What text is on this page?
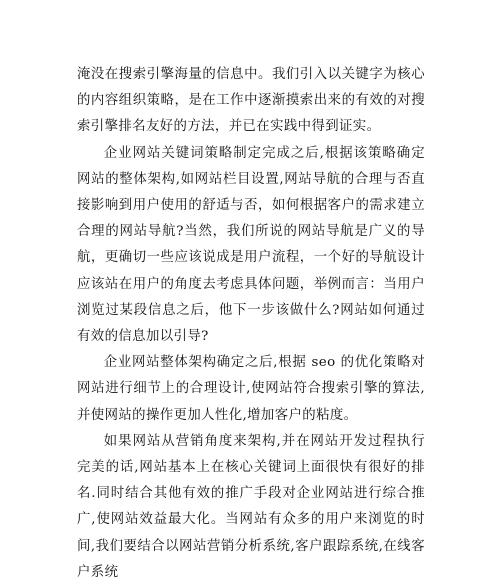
淹没在搜索引擎海量的信息中。我们引入以关键字为核心的内容组织策略，是在工作中逐渐摸索出来的有效的对搜索引擎排名友好的方法，并已在实践中得到证实。

企业网站关键词策略制定完成之后,根据该策略确定网站的整体架构,如网站栏目设置,网站导航的合理与否直接影响到用户使用的舒适与否，如何根据客户的需求建立合理的网站导航?当然，我们所说的网站导航是广义的导航，更确切一些应该说成是用户流程，一个好的导航设计应该站在用户的角度去考虑具体问题，举例而言：当用户浏览过某段信息之后，他下一步该做什么?网站如何通过有效的信息加以引导?

企业网站整体架构确定之后,根据 seo 的优化策略对网站进行细节上的合理设计,使网站符合搜索引擎的算法,并使网站的操作更加人性化,增加客户的粘度。

如果网站从营销角度来架构,并在网站开发过程执行完美的话,网站基本上在核心关键词上面很快有很好的排名.同时结合其他有效的推广手段对企业网站进行综合推广,使网站效益最大化。当网站有众多的用户来浏览的时间,我们要结合以网站营销分析系统,客户跟踪系统,在线客户系统
